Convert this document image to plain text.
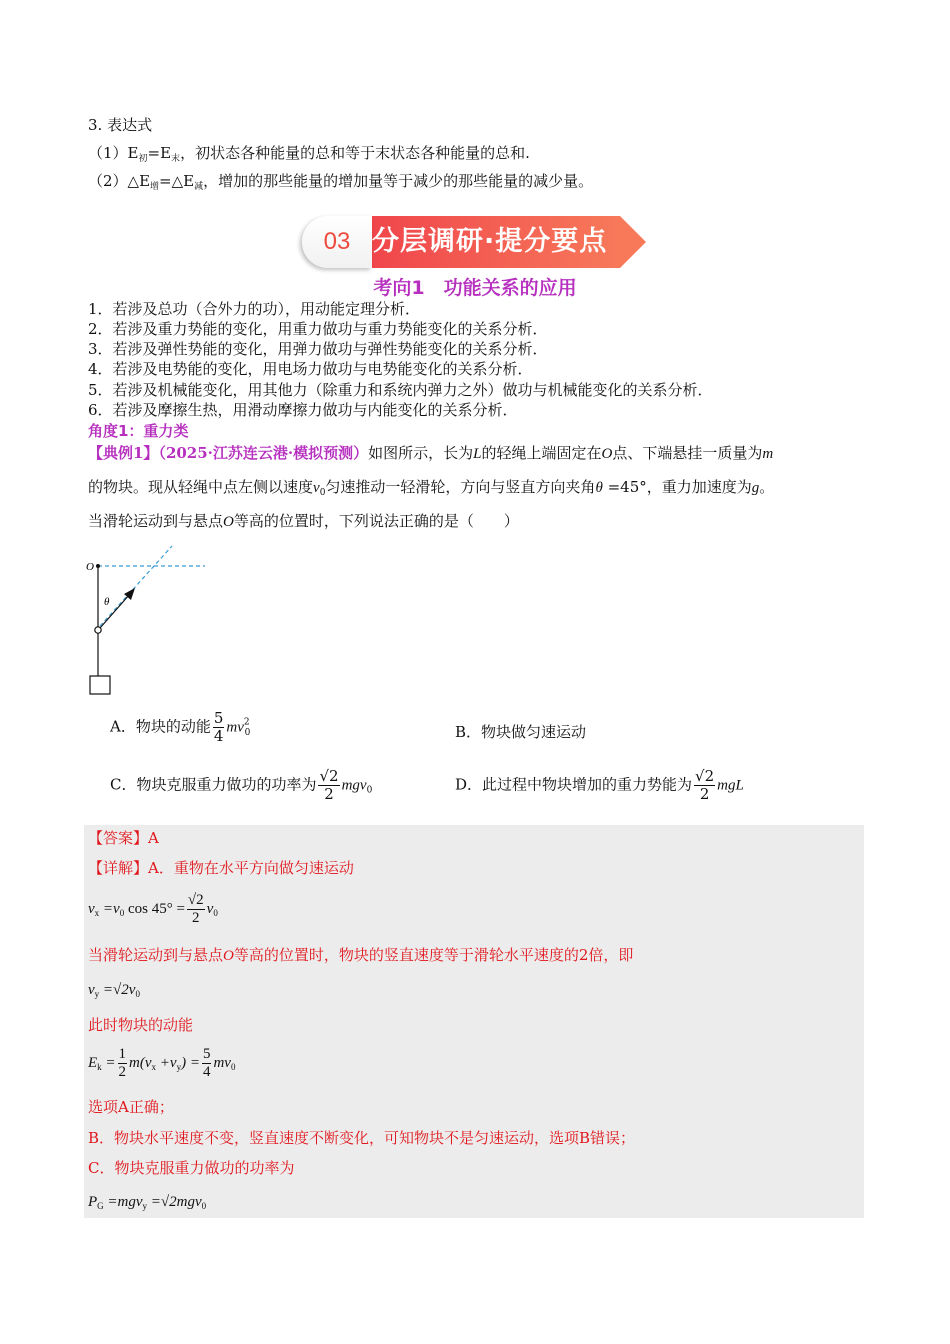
3. 表达式
$(1)E_初=E_末$，初状态各种能量的总和等于末状态各种能量的总和.
$(2)\triangle E_增=\triangle E_减$，增加的那些能量的增加量等于减少的那些能量的减少量。
分层调研·提分要点
03
考向1　功能关系的应用
1．若涉及总功（合外力的功），用动能定理分析．
2．若涉及重力势能的变化，用重力做功与重力势能变化的关系分析．
3．若涉及弹性势能的变化，用弹力做功与弹性势能变化的关系分析．
4．若涉及电势能的变化，用电场力做功与电势能变化的关系分析．
5．若涉及机械能变化，用其他力（除重力和系统内弹力之外）做功与机械能变化的关系分析．
6．若涉及摩擦生热，用滑动摩擦力做功与内能变化的关系分析．
角度1：重力类
【典例1】（2025·江苏连云港·模拟预测）如图所示，长为L的轻绳上端固定在O点、下端悬挂一质量为m
的物块。现从轻绳中点左侧以速度$v_0$匀速推动一轻滑轮，方向与竖直方向夹角θ =45°，重力加速度为g。
当滑轮运动到与悬点O等高的位置时，下列说法正确的是（　　）
O
θ
A．物块的动能 $\frac{5}{4} mv^2_0$	B．物块做匀速运动
C．物块克服重力做功的功率为 $\frac{√2}{2} mgv_0$	D．此过程中物块增加的重力势能为 $\frac{√2}{2}$ mgL
【答案】A
【详解】A．重物在水平方向做匀速运动
$v_x =v_0$ $\cos 45^\circ = \frac{√2}{2} v_0$
当滑轮运动到与悬点O等高的位置时，物块的竖直速度等于滑轮水平速度的2倍，即
$v_y =√2v_0$
此时物块的动能
$E_k = \frac{1}{2} m(v_x +v_y) = \frac{5}{4} mv_0$
选项A正确；
B．物块水平速度不变，竖直速度不断变化，可知物块不是匀速运动，选项B错误；
C．物块克服重力做功的功率为
$P_G =mgv_y =√2mgv_0$
